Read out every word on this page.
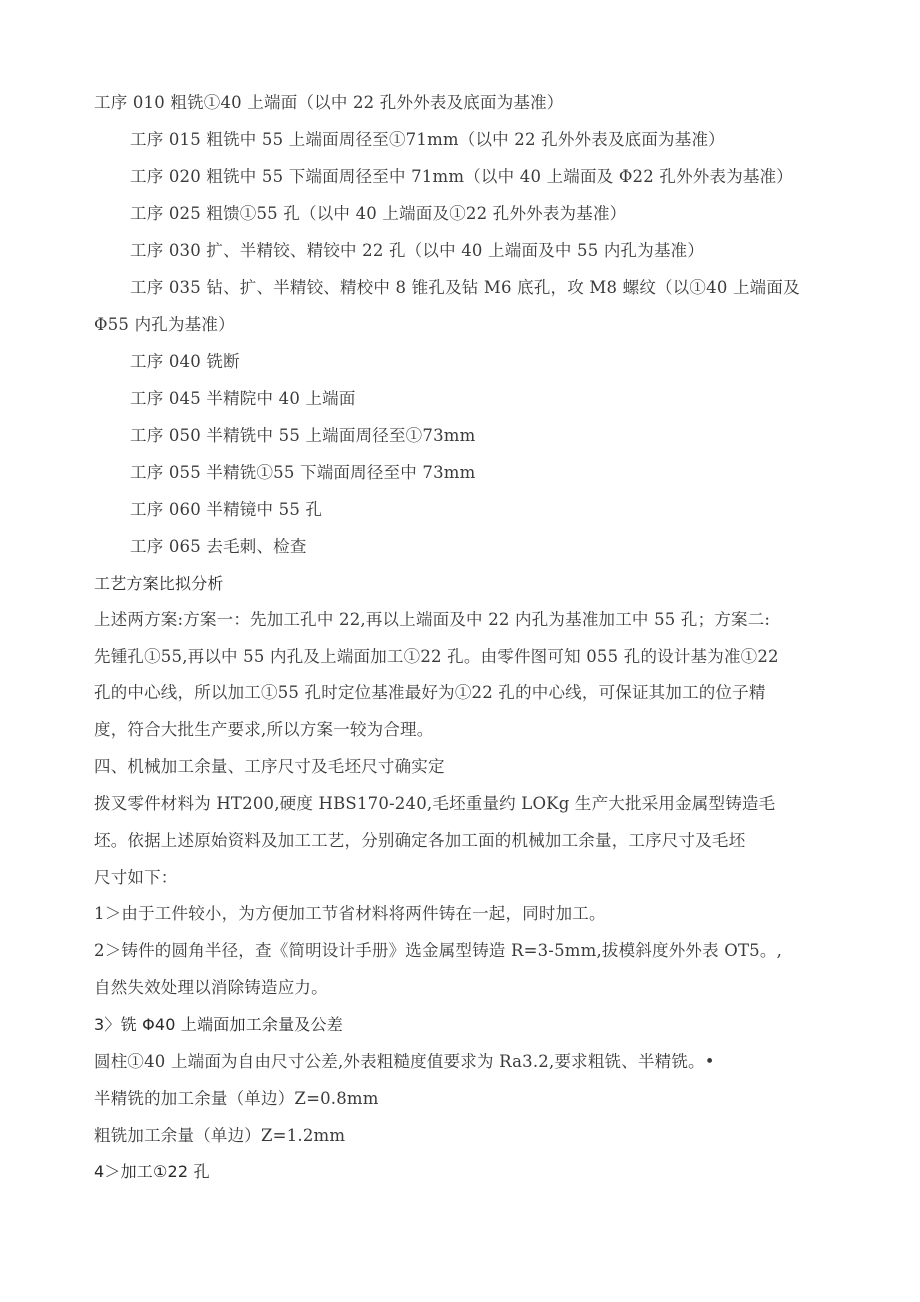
工序 010 粗铣①40 上端面（以中 22 孔外外表及底面为基准）
工序 015 粗铣中 55 上端面周径至①71mm（以中 22 孔外外表及底面为基准）
工序 020 粗铣中 55 下端面周径至中 71mm（以中 40 上端面及 Φ22 孔外外表为基准）
工序 025 粗馈①55 孔（以中 40 上端面及①22 孔外外表为基准）
工序 030 扩、半精铰、精铰中 22 孔（以中 40 上端面及中 55 内孔为基准）
工序 035 钻、扩、半精铰、精校中 8 锥孔及钻 M6 底孔，攻 M8 螺纹（以①40 上端面及
Φ55 内孔为基准）
工序 040 铣断
工序 045 半精院中 40 上端面
工序 050 半精铣中 55 上端面周径至①73mm
工序 055 半精铣①55 下端面周径至中 73mm
工序 060 半精镜中 55 孔
工序 065 去毛刺、检查
工艺方案比拟分析
上述两方案:方案一：先加工孔中 22,再以上端面及中 22 内孔为基准加工中 55 孔；方案二:
先锺孔①55,再以中 55 内孔及上端面加工①22 孔。由零件图可知 055 孔的设计基为准①22
孔的中心线，所以加工①55 孔时定位基准最好为①22 孔的中心线，可保证其加工的位子精
度，符合大批生产要求,所以方案一较为合理。
四、机械加工余量、工序尺寸及毛坯尺寸确实定
拨叉零件材料为 HT200,硬度 HBS170-240,毛坯重量约 LOKg 生产大批采用金属型铸造毛
坯。依据上述原始资料及加工工艺，分别确定各加工面的机械加工余量，工序尺寸及毛坯
尺寸如下：
1＞由于工件较小，为方便加工节省材料将两件铸在一起，同时加工。
2＞铸件的圆角半径，查《简明设计手册》选金属型铸造 R=3-5mm,拔模斜度外外表 OT5。,
自然失效处理以消除铸造应力。
3〉铣 Φ40 上端面加工余量及公差
圆柱①40 上端面为自由尺寸公差,外表粗糙度值要求为 Ra3.2,要求粗铣、半精铣。•
半精铣的加工余量（单边）Z=0.8mm
粗铣加工余量（单边）Z=1.2mm
4＞加工①22 孔
